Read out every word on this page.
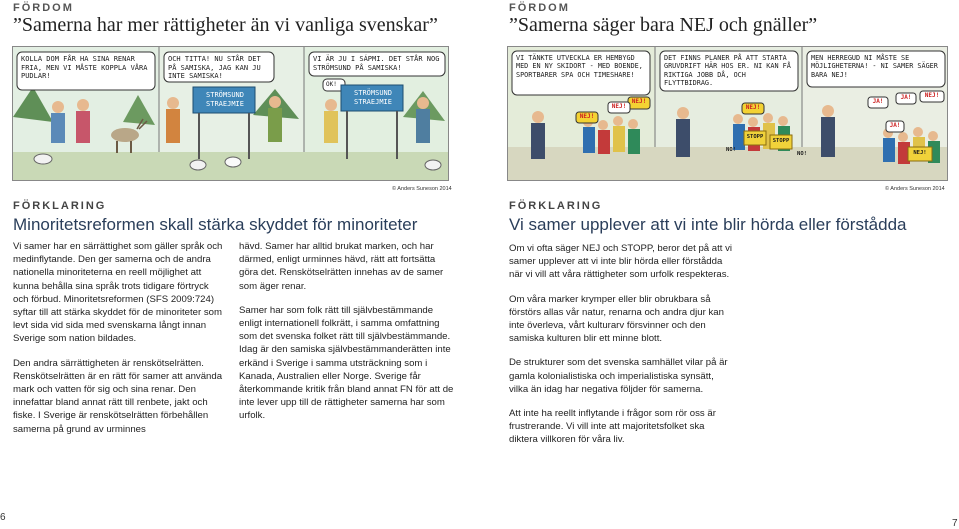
FÖRDOM
”Samerna har mer rättigheter än vi vanliga svenskar”
KOLLA DOM FÅR HA SINA RENAR FRIA, MEN VI MÅSTE KOPPLA VÅRA PUDLAR!
OCH TITTA! NU STÅR DET PÅ SAMISKA, JAG KAN JU INTE SAMISKA!
VI ÄR JU I SÁPMI. DET STÅR NOG STRÖMSUND PÅ SAMISKA!
OK!
STRÖMSUND
STRAEJMIE
STRÖMSUND
STRAEJMIE
© Anders Suneson 2014
FÖRKLARING
Minoritetsreformen skall stärka skyddet för minoriteter

Vi samer har en särrättighet som gäller språk och medinflytande. Den ger samerna och de andra nationella minoriteterna en reell möjlighet att kunna behålla sina språk trots tidigare förtryck och förbud. Minoritetsreformen (SFS 2009:724) syftar till att stärka skyddet för de minoriteter som levt sida vid sida med svenskarna långt innan Sverige som nation bildades.

Den andra särrättigheten är renskötselrätten. Renskötselrätten är en rätt för samer att använda mark och vatten för sig och sina renar. Den innefattar bland annat rätt till renbete, jakt och fiske. I Sverige är renskötselrätten förbehållen samerna på grund av urminnes

hävd. Samer har alltid brukat marken, och har därmed, enligt urminnes hävd, rätt att fortsätta göra det. Renskötselrätten innehas av de samer som äger renar.

Samer har som folk rätt till självbestämmande enligt internationell folkrätt, i samma omfattning som det svenska folket rätt till självbestämmande. Idag är den samiska självbestämmanderätten inte erkänd i Sverige i samma utsträckning som i Kanada, Australien eller Norge. Sverige får återkommande kritik från bland annat FN för att de inte lever upp till de rättigheter samerna har som urfolk.

6
FÖRDOM
”Samerna säger bara NEJ och gnäller”
VI TÄNKTE UTVECKLA ER HEMBYGD MED EN NY SKIDORT - MED BOENDE, SPORTBARER SPA OCH TIMESHARE!
DET FINNS PLANER PÅ ATT STARTA GRUVDRIFT HÄR HOS ER. NI KAN FÅ RIKTIGA JOBB DÅ, OCH FLYTTBIDRAG.
MEN HERREGUD NI MÅSTE SE MÖJLIGHETERNA! - NI SAMER SÄGER BARA NEJ!
NEJ!
NEJ!
NEJ!
NEJ!
JA!
JA!	NEJ!
JA!
STOPP
STOPP
NO!
NO!	NEJ!
© Anders Suneson 2014
FÖRKLARING
Vi samer upplever att vi inte blir hörda eller förstådda

Om vi ofta säger NEJ och STOPP, beror det på att vi samer upplever att vi inte blir hörda eller förstådda när vi vill att våra rättigheter som urfolk respekteras.

Om våra marker krymper eller blir obrukbara så förstörs allas vår natur, renarna och andra djur kan inte överleva, vårt kulturarv försvinner och den samiska kulturen blir ett minne blott.

De strukturer som det svenska samhället vilar på är gamla kolonialistiska och imperialistiska synsätt, vilka än idag har negativa följder för samerna.

Att inte ha reellt inflytande i frågor som rör oss är frustrerande. Vi vill inte att majoritetsfolket ska diktera villkoren för våra liv.

7
